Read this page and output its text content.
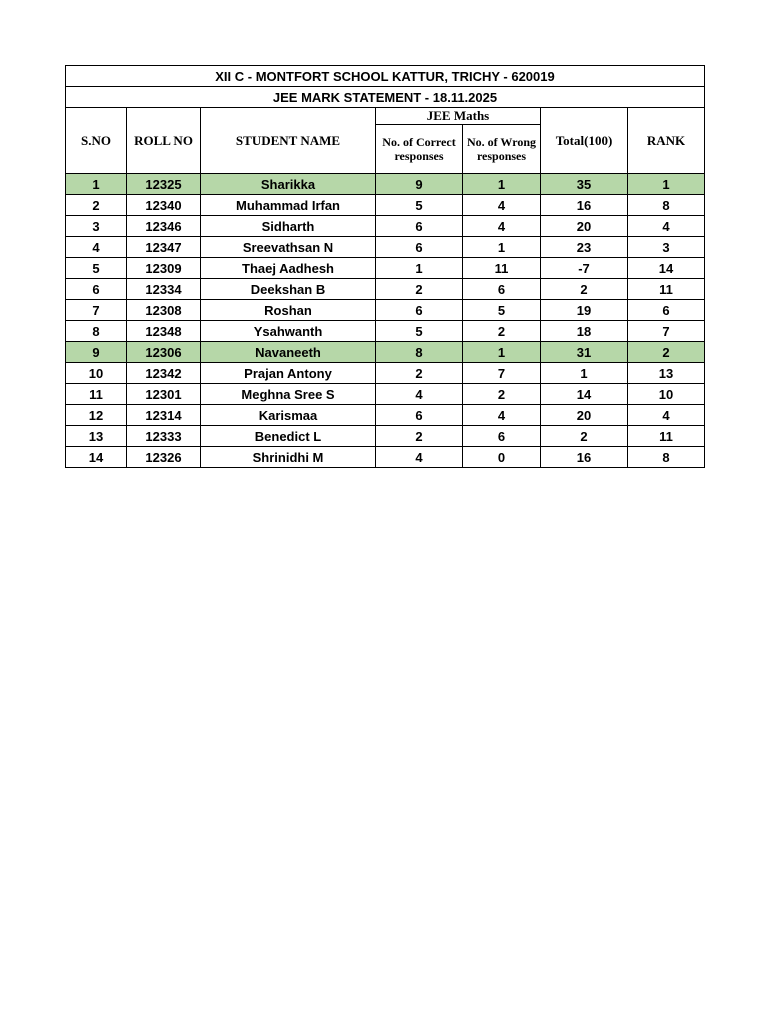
XII C - MONTFORT SCHOOL KATTUR, TRICHY - 620019						
JEE MARK STATEMENT - 18.11.2025						
S.NO	ROLL NO	STUDENT NAME	JEE Maths		Total(100)	RANK
			No. of Correct responses	No. of Wrong responses		
1	12325	Sharikka	9	1	35	1
2	12340	Muhammad Irfan	5	4	16	8
3	12346	Sidharth	6	4	20	4
4	12347	Sreevathsan N	6	1	23	3
5	12309	Thaej Aadhesh	1	11	-7	14
6	12334	Deekshan B	2	6	2	11
7	12308	Roshan	6	5	19	6
8	12348	Ysahwanth	5	2	18	7
9	12306	Navaneeth	8	1	31	2
10	12342	Prajan Antony	2	7	1	13
11	12301	Meghna Sree S	4	2	14	10
12	12314	Karismaa	6	4	20	4
13	12333	Benedict L	2	6	2	11
14	12326	Shrinidhi M	4	0	16	8
